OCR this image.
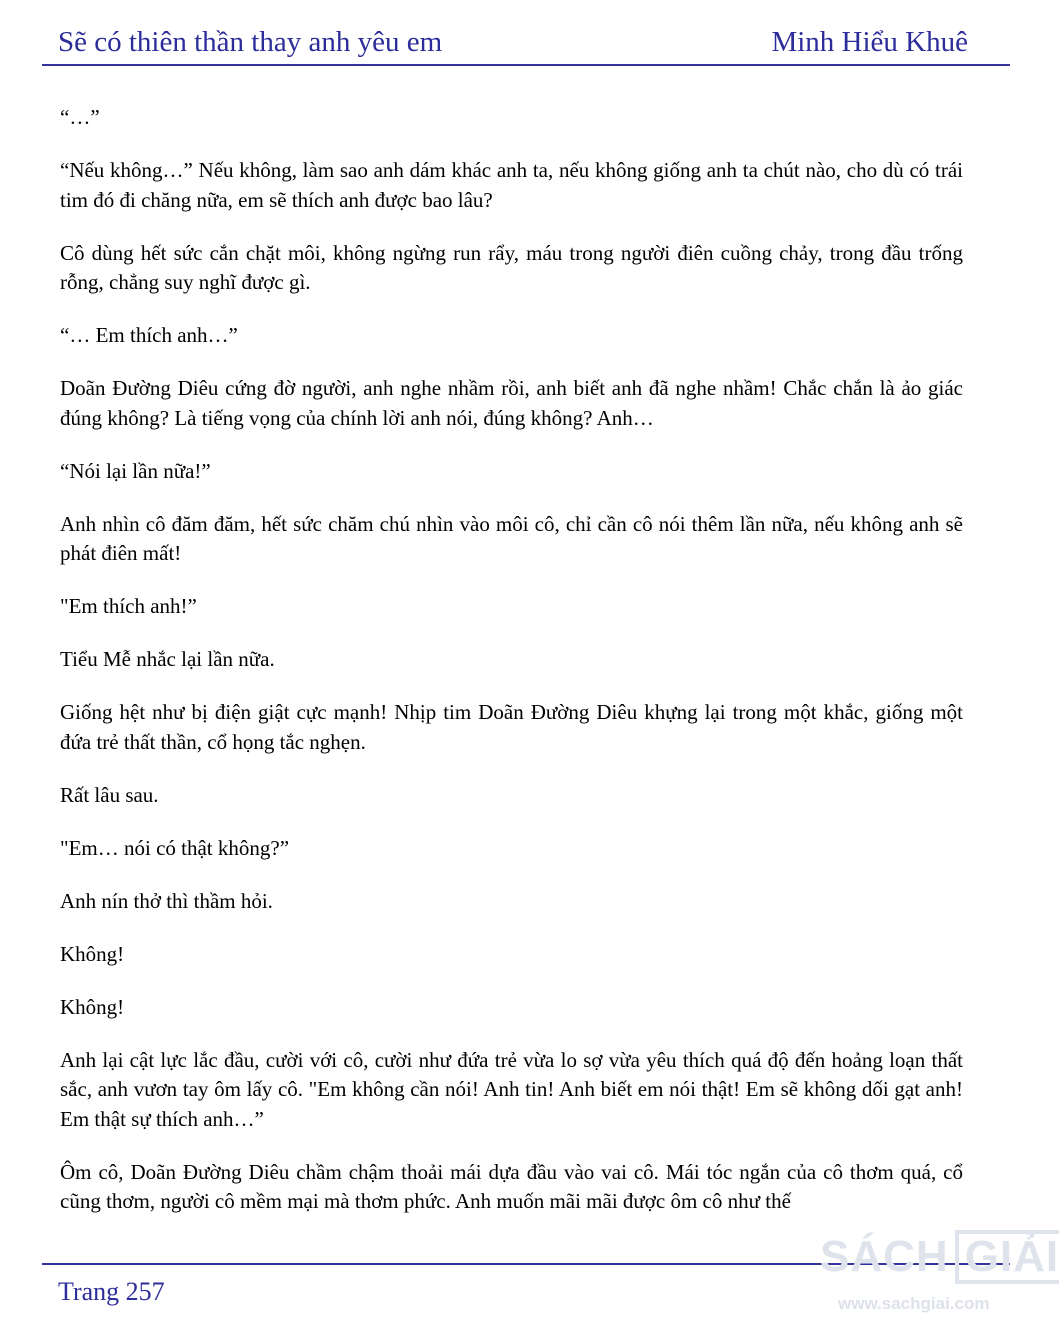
Sẽ có thiên thần thay anh yêu em	Minh Hiểu Khuê

“…”

“Nếu không…” Nếu không, làm sao anh dám khác anh ta, nếu không giống anh ta chút nào, cho dù có trái tim đó đi chăng nữa, em sẽ thích anh được bao lâu?

Cô dùng hết sức cắn chặt môi, không ngừng run rẩy, máu trong người điên cuồng chảy, trong đầu trống rỗng, chẳng suy nghĩ được gì.

“… Em thích anh…”

Doãn Đường Diêu cứng đờ người, anh nghe nhầm rồi, anh biết anh đã nghe nhầm! Chắc chắn là ảo giác đúng không? Là tiếng vọng của chính lời anh nói, đúng không? Anh…

“Nói lại lần nữa!”

Anh nhìn cô đăm đăm, hết sức chăm chú nhìn vào môi cô, chỉ cần cô nói thêm lần nữa, nếu không anh sẽ phát điên mất!

"Em thích anh!”

Tiểu Mễ nhắc lại lần nữa.

Giống hệt như bị điện giật cực mạnh! Nhịp tim Doãn Đường Diêu khựng lại trong một khắc, giống một đứa trẻ thất thần, cổ họng tắc nghẹn.

Rất lâu sau.

"Em… nói có thật không?”

Anh nín thở thì thầm hỏi.

Không!

Không!

Anh lại cật lực lắc đầu, cười với cô, cười như đứa trẻ vừa lo sợ vừa yêu thích quá độ đến hoảng loạn thất sắc, anh vươn tay ôm lấy cô. "Em không cần nói! Anh tin! Anh biết em nói thật! Em sẽ không dối gạt anh! Em thật sự thích anh…”

Ôm cô, Doãn Đường Diêu chầm chậm thoải mái dựa đầu vào vai cô. Mái tóc ngắn của cô thơm quá, cổ cũng thơm, người cô mềm mại mà thơm phức. Anh muốn mãi mãi được ôm cô như thế

Trang 257
SÁCH GIẢI
www.sachgiai.com
